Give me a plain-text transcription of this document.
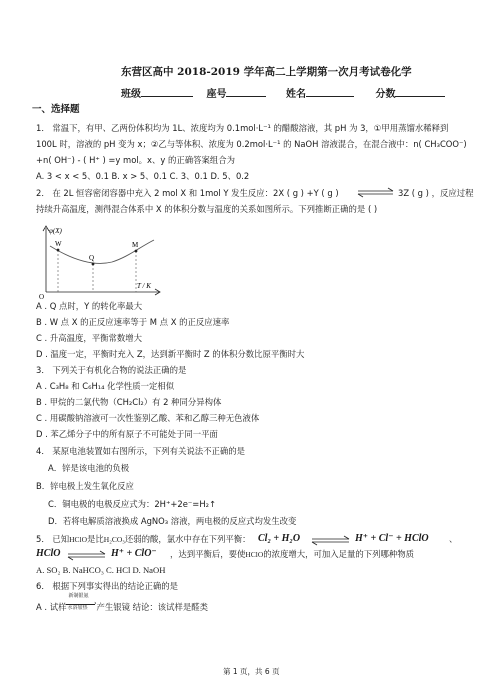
东营区高中 2018-2019 学年高二上学期第一次月考试卷化学
班级	座号	姓名	分数
一、选择题
1． 常温下，有甲、乙两份体积均为 1L、浓度均为 0.1mol·L⁻¹ 的醋酸溶液，其 pH 为 3，①甲用蒸馏水稀释到
100L 时，溶液的 pH 变为 x；②乙与等体积、浓度为 0.2mol·L⁻¹ 的 NaOH 溶液混合，在混合液中：n( CH₃COO⁻)
+n( OH⁻) - ( H⁺ ) =y mol。x、y 的正确答案组合为
A. 3 < x < 5、0.1 B. x > 5、0.1 C. 3、0.1 D. 5、0.2
2． 在 2L 恒容密闭容器中充入 2 mol X 和 1mol Y 发生反应：2X ( g ) +Y ( g ) ⇌ 3Z ( g ) ，反应过程
持续升高温度，测得混合体系中 X 的体积分数与温度的关系如图所示。下列推断正确的是 ( )
φ(X)
W
Q
M
O
T / K
A . Q 点时，Y 的转化率最大
B . W 点 X 的正反应速率等于 M 点 X 的正反应速率
C . 升高温度，平衡常数增大
D . 温度一定，平衡时充入 Z，达到新平衡时 Z 的体积分数比原平衡时大
3． 下列关于有机化合物的说法正确的是
A . C₃H₈ 和 C₆H₁₄ 化学性质一定相似
B . 甲烷的二氯代物（CH₂Cl₂）有 2 种同分异构体
C . 用碳酸钠溶液可一次性鉴别乙酸、苯和乙醇三种无色液体
D . 苯乙烯分子中的所有原子不可能处于同一平面
4． 某原电池装置如右图所示，下列有关说法不正确的是
A．锌是该电池的负极
B．锌电极上发生氧化反应
C．铜电极的电极反应式为：2H⁺+2e⁻=H₂↑
D．若将电解质溶液换成 AgNO₃ 溶液，两电极的反应式均发生改变
5． 已知HClO是比H₂CO₃还弱的酸，氯水中存在下列平衡： Cl₂ + H₂O	H⁺ + Cl⁻ + HClO 、
HClO	H⁺ + ClO⁻ ，达到平衡后，要使HClO的浓度增大，可加入足量的下列哪种物质
A. SO₂ B. NaHCO₃ C. HCl D. NaOH
6． 根据下列事实得出的结论正确的是
A . 试样
新制银氨
›
水浴加热 产生银镜 结论：该试样是醛类
第 1 页，共 6 页
